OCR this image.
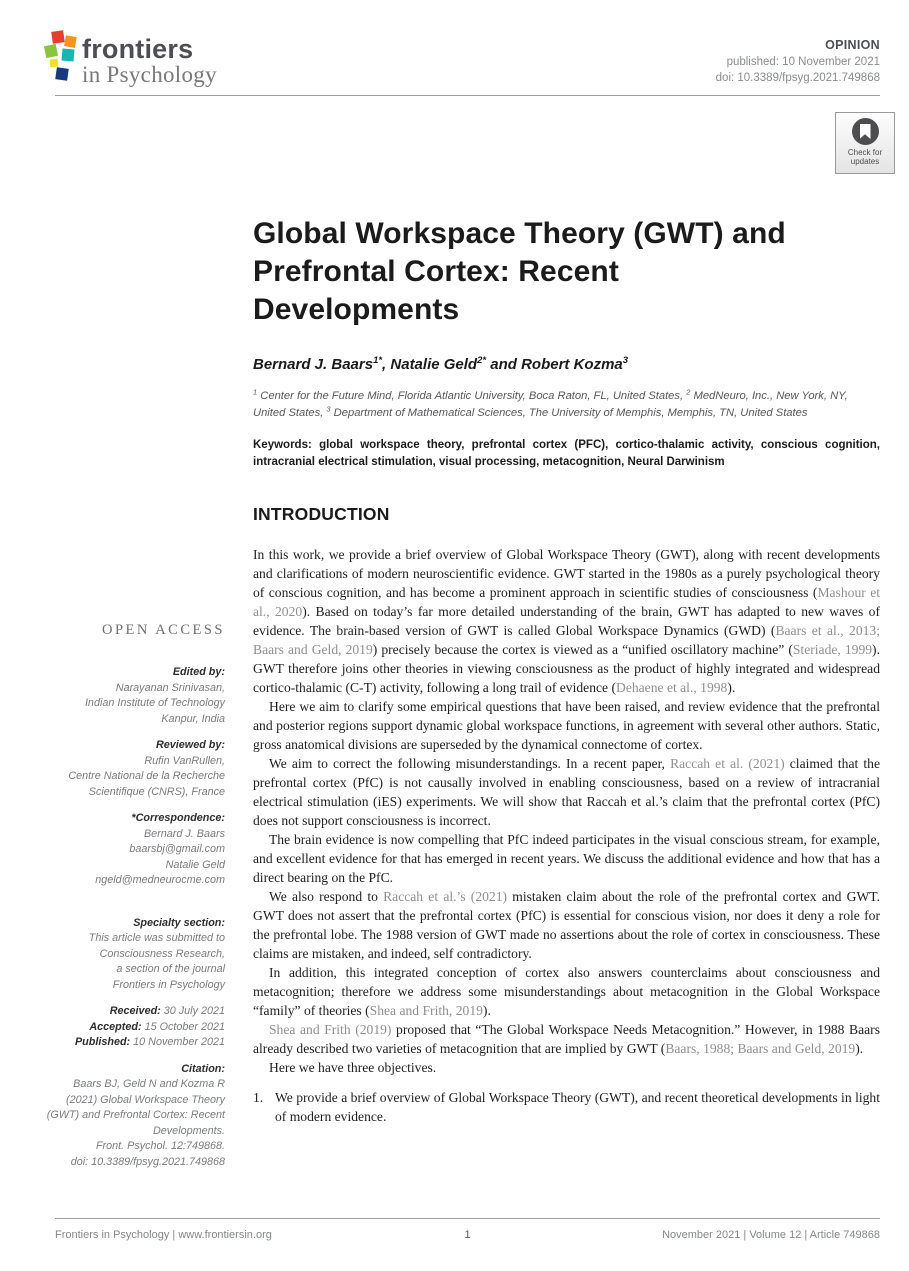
frontiers
in Psychology
OPINION
published: 10 November 2021
doi: 10.3389/fpsyg.2021.749868
Check for
updates
OPEN ACCESS
Edited by:
Narayanan Srinivasan,
Indian Institute of Technology
Kanpur, India
Reviewed by:
Rufin VanRullen,
Centre National de la Recherche
Scientifique (CNRS), France
*Correspondence:
Bernard J. Baars
baarsbj@gmail.com
Natalie Geld
ngeld@medneurocme.com
Specialty section:
This article was submitted to
Consciousness Research,
a section of the journal
Frontiers in Psychology
Received: 30 July 2021
Accepted: 15 October 2021
Published: 10 November 2021
Citation:
Baars BJ, Geld N and Kozma R
(2021) Global Workspace Theory
(GWT) and Prefrontal Cortex: Recent
Developments.
Front. Psychol. 12:749868.
doi: 10.3389/fpsyg.2021.749868
Global Workspace Theory (GWT) and
Prefrontal Cortex: Recent
Developments
Bernard J. Baars$^{1*}$, Natalie Geld$^{2*}$ and Robert Kozma$^3$
$^1$ Center for the Future Mind, Florida Atlantic University, Boca Raton, FL, United States, $^2$ MedNeuro, Inc., New York, NY, United States, $^3$ Department of Mathematical Sciences, The University of Memphis, Memphis, TN, United States
Keywords: global workspace theory, prefrontal cortex (PFC), cortico-thalamic activity, conscious cognition, intracranial electrical stimulation, visual processing, metacognition, Neural Darwinism
INTRODUCTION

In this work, we provide a brief overview of Global Workspace Theory (GWT), along with recent developments and clarifications of modern neuroscientific evidence. GWT started in the 1980s as a purely psychological theory of conscious cognition, and has become a prominent approach in scientific studies of consciousness (Mashour et al., 2020). Based on today’s far more detailed understanding of the brain, GWT has adapted to new waves of evidence. The brain-based version of GWT is called Global Workspace Dynamics (GWD) (Baars et al., 2013; Baars and Geld, 2019) precisely because the cortex is viewed as a “unified oscillatory machine” (Steriade, 1999). GWT therefore joins other theories in viewing consciousness as the product of highly integrated and widespread cortico-thalamic (C-T) activity, following a long trail of evidence (Dehaene et al., 1998).

Here we aim to clarify some empirical questions that have been raised, and review evidence that the prefrontal and posterior regions support dynamic global workspace functions, in agreement with several other authors. Static, gross anatomical divisions are superseded by the dynamical connectome of cortex.

We aim to correct the following misunderstandings. In a recent paper, Raccah et al. (2021) claimed that the prefrontal cortex (PfC) is not causally involved in enabling consciousness, based on a review of intracranial electrical stimulation (iES) experiments. We will show that Raccah et al.’s claim that the prefrontal cortex (PfC) does not support consciousness is incorrect.

The brain evidence is now compelling that PfC indeed participates in the visual conscious stream, for example, and excellent evidence for that has emerged in recent years. We discuss the additional evidence and how that has a direct bearing on the PfC.

We also respond to Raccah et al.’s (2021) mistaken claim about the role of the prefrontal cortex and GWT. GWT does not assert that the prefrontal cortex (PfC) is essential for conscious vision, nor does it deny a role for the prefrontal lobe. The 1988 version of GWT made no assertions about the role of cortex in consciousness. These claims are mistaken, and indeed, self contradictory.

In addition, this integrated conception of cortex also answers counterclaims about consciousness and metacognition; therefore we address some misunderstandings about metacognition in the Global Workspace “family” of theories (Shea and Frith, 2019).

Shea and Frith (2019) proposed that “The Global Workspace Needs Metacognition.” However, in 1988 Baars already described two varieties of metacognition that are implied by GWT (Baars, 1988; Baars and Geld, 2019).

Here we have three objectives.

1. We provide a brief overview of Global Workspace Theory (GWT), and recent theoretical developments in light of modern evidence.

Frontiers in Psychology | www.frontiersin.org	1	November 2021 | Volume 12 | Article 749868
